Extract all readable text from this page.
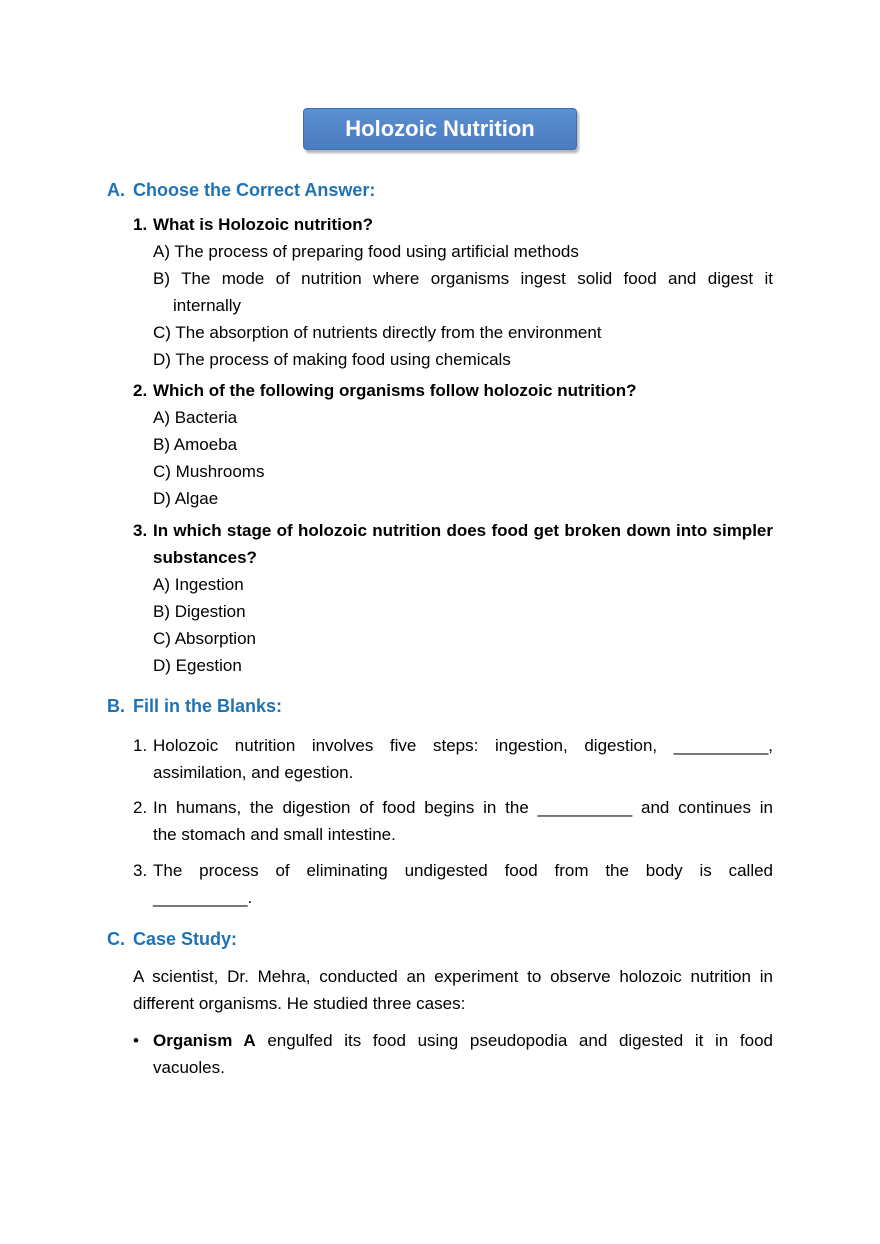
Holozoic Nutrition
A. Choose the Correct Answer:
1. What is Holozoic nutrition?
A) The process of preparing food using artificial methods
B) The mode of nutrition where organisms ingest solid food and digest it
internally
C) The absorption of nutrients directly from the environment
D) The process of making food using chemicals
2. Which of the following organisms follow holozoic nutrition?
A) Bacteria
B) Amoeba
C) Mushrooms
D) Algae
3. In which stage of holozoic nutrition does food get broken down into simpler
substances?
A) Ingestion
B) Digestion
C) Absorption
D) Egestion
B. Fill in the Blanks:
1. Holozoic nutrition involves five steps: ingestion, digestion, __________,
assimilation, and egestion.
2. In humans, the digestion of food begins in the __________ and continues in
the stomach and small intestine.
3. The process of eliminating undigested food from the body is called
__________.
C. Case Study:
A scientist, Dr. Mehra, conducted an experiment to observe holozoic nutrition in
different organisms. He studied three cases:
• Organism A engulfed its food using pseudopodia and digested it in food
vacuoles.
